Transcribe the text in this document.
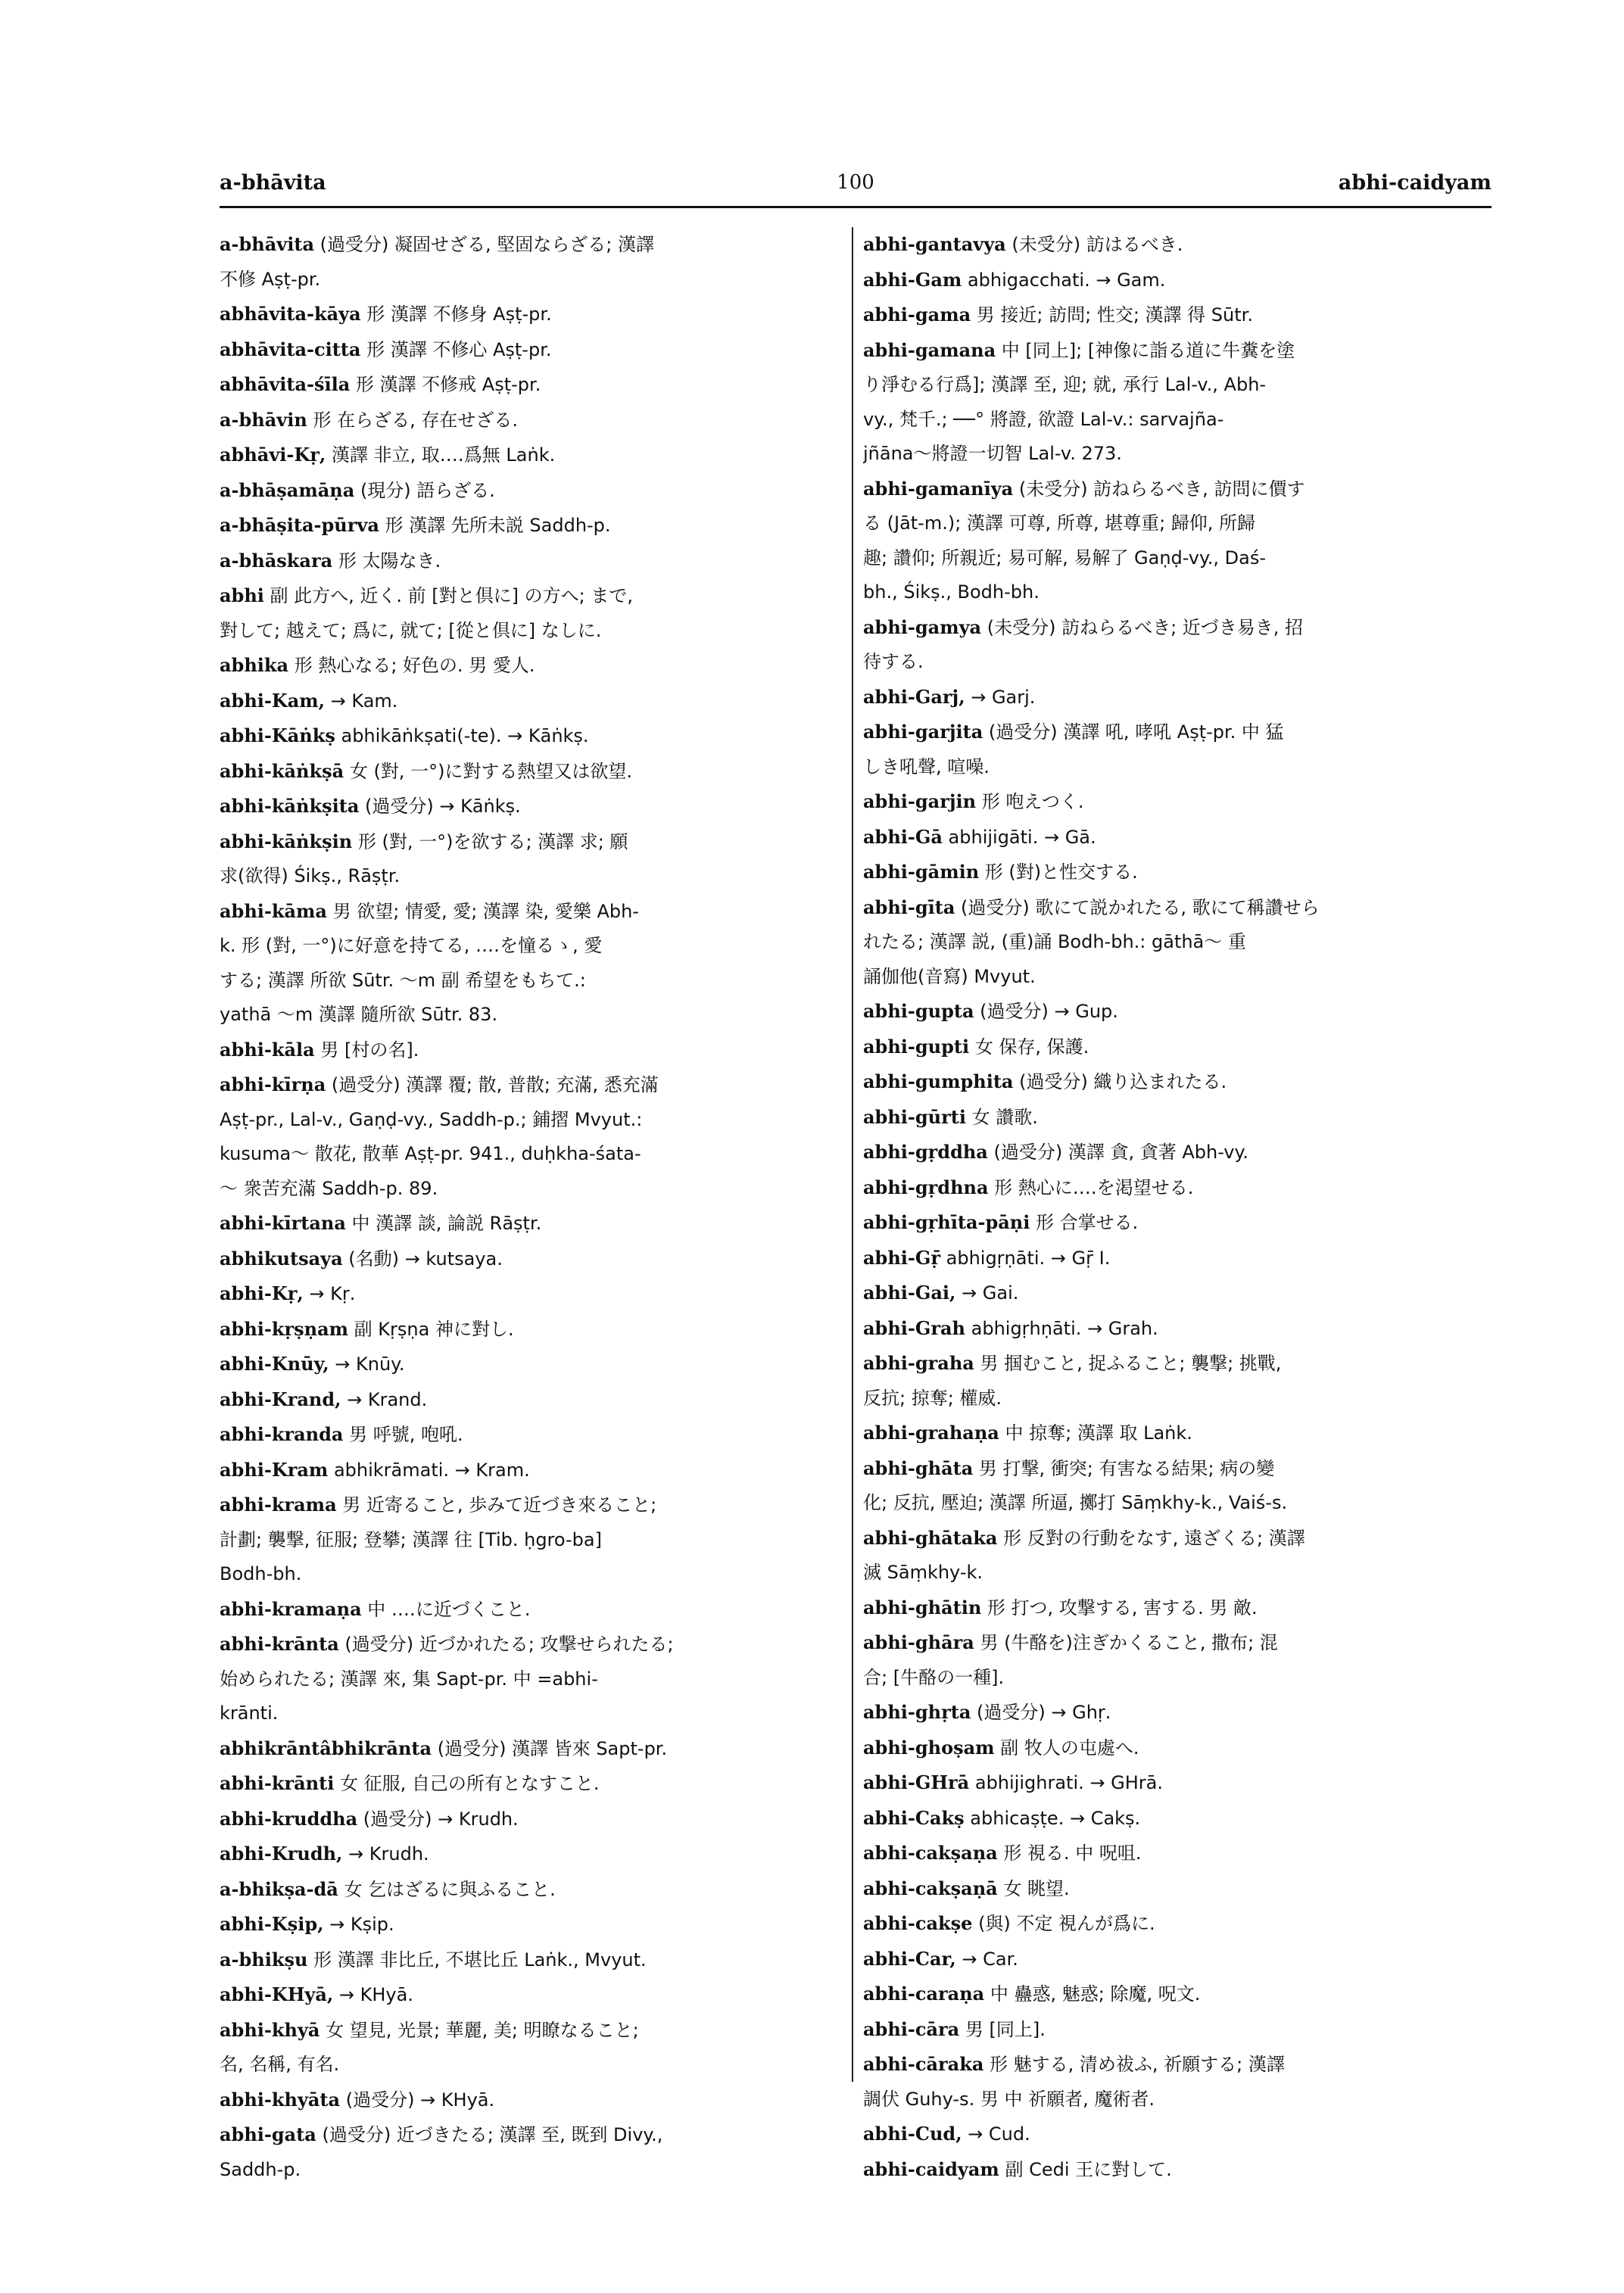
a-bhāvita	100	abhi-caidyam

a-bhāvita (過受分) 凝固せざる, 堅固ならざる; 漢譯
不修 Aṣṭ-pr.

abhāvita-kāya 形 漢譯 不修身 Aṣṭ-pr.

abhāvita-citta 形 漢譯 不修心 Aṣṭ-pr.

abhāvita-śīla 形 漢譯 不修戒 Aṣṭ-pr.

a-bhāvin 形 在らざる, 存在せざる.

abhāvi-Kṛ, 漢譯 非立, 取‥‥爲無 Laṅk.

a-bhāṣamāṇa (現分) 語らざる.

a-bhāṣita-pūrva 形 漢譯 先所未説 Saddh-p.

a-bhāskara 形 太陽なき.

abhi 副 此方へ, 近く. 前 [對と倶に] の方へ; まで,
對して; 越えて; 爲に, 就て; [從と倶に] なしに.

abhika 形 熱心なる; 好色の. 男 愛人.

abhi-Kam, → Kam.

abhi-Kāṅkṣ abhikāṅkṣati(-te). → Kāṅkṣ.

abhi-kāṅkṣā 女 (對, 一°)に對する熱望又は欲望.

abhi-kāṅkṣita (過受分) → Kāṅkṣ.

abhi-kāṅkṣin 形 (對, 一°)を欲する; 漢譯 求; 願
求(欲得) Śikṣ., Rāṣṭr.

abhi-kāma 男 欲望; 情愛, 愛; 漢譯 染, 愛樂 Abh-
k. 形 (對, 一°)に好意を持てる, ‥‥を憧るゝ, 愛
する; 漢譯 所欲 Sūtr. ～m 副 希望をもちて.:
yathā ～m 漢譯 隨所欲 Sūtr. 83.

abhi-kāla 男 [村の名].

abhi-kīrṇa (過受分) 漢譯 覆; 散, 普散; 充滿, 悉充滿
Aṣṭ-pr., Lal-v., Gaṇḍ-vy., Saddh-p.; 鋪摺 Mvyut.:
kusuma～ 散花, 散華 Aṣṭ-pr. 941., duḥkha-śata-
～ 衆苦充滿 Saddh-p. 89.

abhi-kīrtana 中 漢譯 談, 論説 Rāṣṭr.

abhikutsaya (名動) → kutsaya.

abhi-Kṛ, → Kṛ.

abhi-kṛṣṇam 副 Kṛṣṇa 神に對し.

abhi-Knūy, → Knūy.

abhi-Krand, → Krand.

abhi-kranda 男 呼號, 咆吼.

abhi-Kram abhikrāmati. → Kram.

abhi-krama 男 近寄ること, 歩みて近づき來ること;
計劃; 襲撃, 征服; 登攀; 漢譯 往 [Tib. ḥgro-ba]
Bodh-bh.

abhi-kramaṇa 中 ‥‥に近づくこと.

abhi-krānta (過受分) 近づかれたる; 攻撃せられたる;
始められたる; 漢譯 來, 集 Sapt-pr. 中 =abhi-
krānti.

abhikrāntâbhikrānta (過受分) 漢譯 皆來 Sapt-pr.

abhi-krānti 女 征服, 自己の所有となすこと.

abhi-kruddha (過受分) → Krudh.

abhi-Krudh, → Krudh.

a-bhikṣa-dā 女 乞はざるに與ふること.

abhi-Kṣip, → Kṣip.

a-bhikṣu 形 漢譯 非比丘, 不堪比丘 Laṅk., Mvyut.

abhi-KHyā, → KHyā.

abhi-khyā 女 望見, 光景; 華麗, 美; 明瞭なること;
名, 名稱, 有名.

abhi-khyāta (過受分) → KHyā.

abhi-gata (過受分) 近づきたる; 漢譯 至, 既到 Divy.,
Saddh-p.

abhi-gantavya (未受分) 訪はるべき.

abhi-Gam abhigacchati. → Gam.

abhi-gama 男 接近; 訪問; 性交; 漢譯 得 Sūtr.

abhi-gamana 中 [同上]; [神像に詣る道に牛糞を塗
り淨むる行爲]; 漢譯 至, 迎; 就, 承行 Lal-v., Abh-
vy., 梵千.; ──° 將證, 欲證 Lal-v.: sarvajña-
jñāna～將證一切智 Lal-v. 273.

abhi-gamanīya (未受分) 訪ねらるべき, 訪問に價す
る (Jāt-m.); 漢譯 可尊, 所尊, 堪尊重; 歸仰, 所歸
趣; 讚仰; 所親近; 易可解, 易解了 Gaṇḍ-vy., Daś-
bh., Śikṣ., Bodh-bh.

abhi-gamya (未受分) 訪ねらるべき; 近づき易き, 招
待する.

abhi-Garj, → Garj.

abhi-garjita (過受分) 漢譯 吼, 哮吼 Aṣṭ-pr. 中 猛
しき吼聲, 喧噪.

abhi-garjin 形 咆えつく.

abhi-Gā abhijigāti. → Gā.

abhi-gāmin 形 (對)と性交する.

abhi-gīta (過受分) 歌にて説かれたる, 歌にて稱讚せら
れたる; 漢譯 説, (重)誦 Bodh-bh.: gāthā～ 重
誦伽他(音寫) Mvyut.

abhi-gupta (過受分) → Gup.

abhi-gupti 女 保存, 保護.

abhi-gumphita (過受分) 織り込まれたる.

abhi-gūrti 女 讚歌.

abhi-gṛddha (過受分) 漢譯 貪, 貪著 Abh-vy.

abhi-gṛdhna 形 熱心に‥‥を渇望せる.

abhi-gṛhīta-pāṇi 形 合掌せる.

abhi-Gṝ abhigṛṇāti. → Gṝ I.

abhi-Gai, → Gai.

abhi-Grah abhigṛhṇāti. → Grah.

abhi-graha 男 掴むこと, 捉ふること; 襲撃; 挑戰,
反抗; 掠奪; 權威.

abhi-grahaṇa 中 掠奪; 漢譯 取 Laṅk.

abhi-ghāta 男 打撃, 衝突; 有害なる結果; 病の變
化; 反抗, 壓迫; 漢譯 所逼, 擲打 Sāṃkhy-k., Vaiś-s.

abhi-ghātaka 形 反對の行動をなす, 遠ざくる; 漢譯
滅 Sāṃkhy-k.

abhi-ghātin 形 打つ, 攻撃する, 害する. 男 敵.

abhi-ghāra 男 (牛酪を)注ぎかくること, 撒布; 混
合; [牛酪の一種].

abhi-ghṛta (過受分) → Ghṛ.

abhi-ghoṣam 副 牧人の屯處へ.

abhi-GHrā abhijighrati. → GHrā.

abhi-Cakṣ abhicaṣṭe. → Cakṣ.

abhi-cakṣaṇa 形 視る. 中 呪咀.

abhi-cakṣaṇā 女 眺望.

abhi-cakṣe (與) 不定 視んが爲に.

abhi-Car, → Car.

abhi-caraṇa 中 蠱惑, 魅惑; 除魔, 呪文.

abhi-cāra 男 [同上].

abhi-cāraka 形 魅する, 清め祓ふ, 祈願する; 漢譯
調伏 Guhy-s. 男 中 祈願者, 魔術者.

abhi-Cud, → Cud.

abhi-caidyam 副 Cedi 王に對して.
